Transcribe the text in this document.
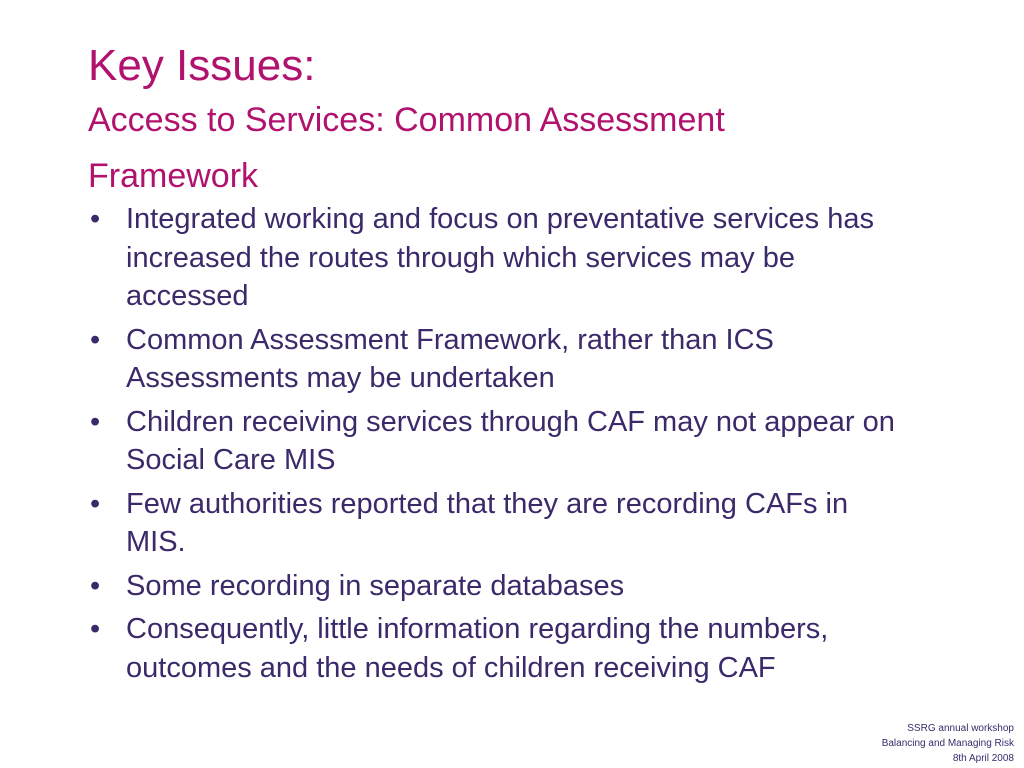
Key Issues:
Access to Services: Common Assessment Framework
• Integrated working and focus on preventative services has increased the routes through which services may be accessed
• Common Assessment Framework, rather than ICS Assessments may be undertaken
• Children receiving services through CAF may not appear on Social Care MIS
• Few authorities reported that they are recording CAFs in MIS.
• Some recording in separate databases
• Consequently, little information regarding the numbers, outcomes and the needs of children receiving CAF
SSRG annual workshop
Balancing and Managing Risk
8th April 2008
